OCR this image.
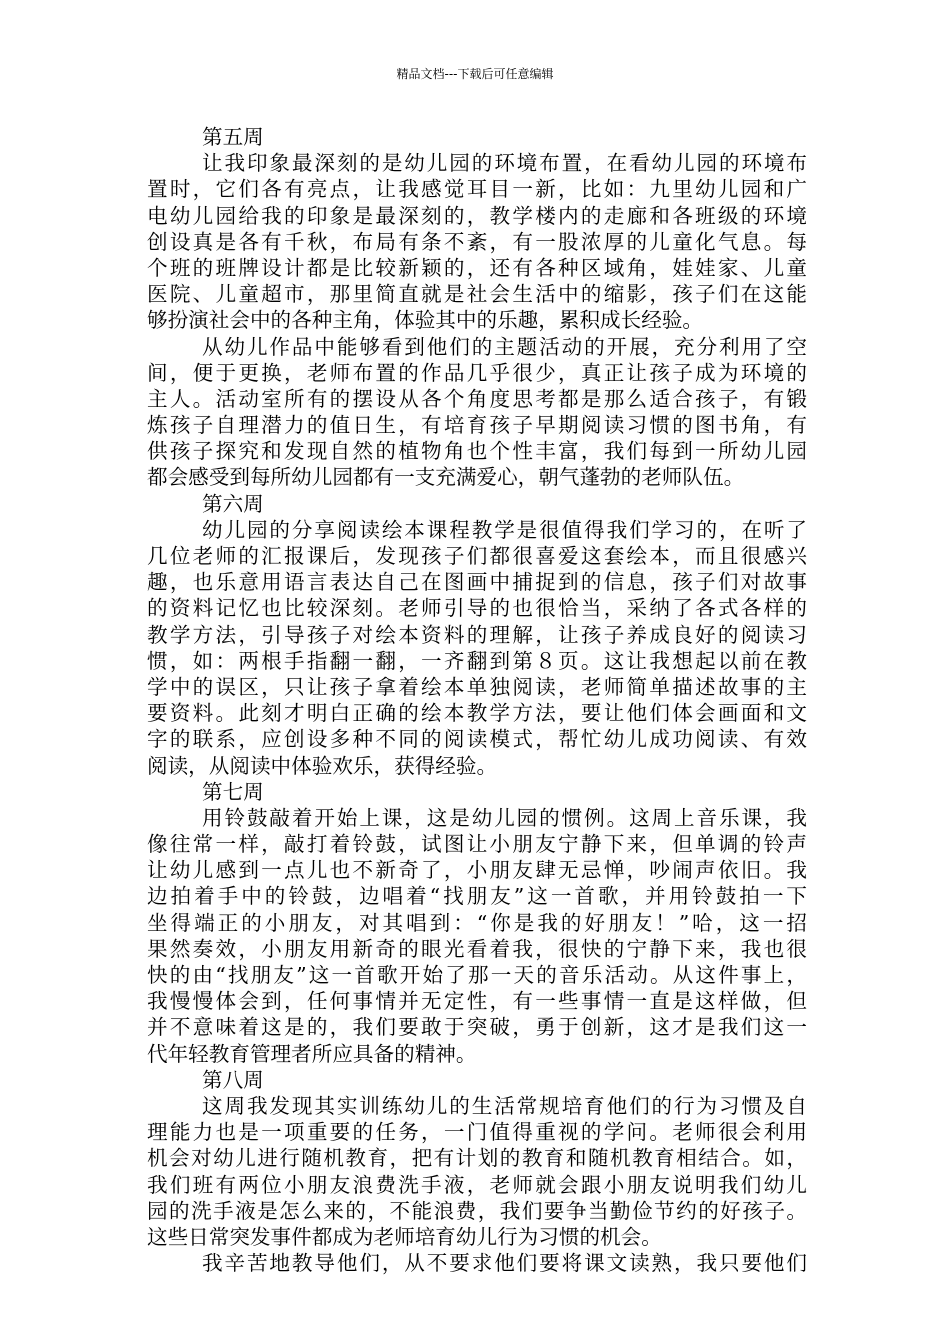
精品文档---下载后可任意编辑
第五周
让我印象最深刻的是幼儿园的环境布置，在看幼儿园的环境布
置时，它们各有亮点，让我感觉耳目一新，比如：九里幼儿园和广
电幼儿园给我的印象是最深刻的，教学楼内的走廊和各班级的环境
创设真是各有千秋，布局有条不紊，有一股浓厚的儿童化气息。每
个班的班牌设计都是比较新颖的，还有各种区域角，娃娃家、儿童
医院、儿童超市，那里简直就是社会生活中的缩影，孩子们在这能
够扮演社会中的各种主角，体验其中的乐趣，累积成长经验。
从幼儿作品中能够看到他们的主题活动的开展，充分利用了空
间，便于更换，老师布置的作品几乎很少，真正让孩子成为环境的
主人。活动室所有的摆设从各个角度思考都是那么适合孩子，有锻
炼孩子自理潜力的值日生，有培育孩子早期阅读习惯的图书角，有
供孩子探究和发现自然的植物角也个性丰富，我们每到一所幼儿园
都会感受到每所幼儿园都有一支充满爱心，朝气蓬勃的老师队伍。
第六周
幼儿园的分享阅读绘本课程教学是很值得我们学习的，在听了
几位老师的汇报课后，发现孩子们都很喜爱这套绘本，而且很感兴
趣，也乐意用语言表达自己在图画中捕捉到的信息，孩子们对故事
的资料记忆也比较深刻。老师引导的也很恰当，采纳了各式各样的
教学方法，引导孩子对绘本资料的理解，让孩子养成良好的阅读习
惯，如：两根手指翻一翻，一齐翻到第８页。这让我想起以前在教
学中的误区，只让孩子拿着绘本单独阅读，老师简单描述故事的主
要资料。此刻才明白正确的绘本教学方法，要让他们体会画面和文
字的联系，应创设多种不同的阅读模式，帮忙幼儿成功阅读、有效
阅读，从阅读中体验欢乐，获得经验。
第七周
用铃鼓敲着开始上课，这是幼儿园的惯例。这周上音乐课，我
像往常一样，敲打着铃鼓，试图让小朋友宁静下来，但单调的铃声
让幼儿感到一点儿也不新奇了，小朋友肆无忌惮，吵闹声依旧。我
边拍着手中的铃鼓，边唱着“找朋友”这一首歌，并用铃鼓拍一下
坐得端正的小朋友，对其唱到：“你是我的好朋友！”哈，这一招
果然奏效，小朋友用新奇的眼光看着我，很快的宁静下来，我也很
快的由“找朋友”这一首歌开始了那一天的音乐活动。从这件事上，
我慢慢体会到，任何事情并无定性，有一些事情一直是这样做，但
并不意味着这是的，我们要敢于突破，勇于创新，这才是我们这一
代年轻教育管理者所应具备的精神。
第八周
这周我发现其实训练幼儿的生活常规培育他们的行为习惯及自
理能力也是一项重要的任务，一门值得重视的学问。老师很会利用
机会对幼儿进行随机教育，把有计划的教育和随机教育相结合。如，
我们班有两位小朋友浪费洗手液，老师就会跟小朋友说明我们幼儿
园的洗手液是怎么来的，不能浪费，我们要争当勤俭节约的好孩子。
这些日常突发事件都成为老师培育幼儿行为习惯的机会。
我辛苦地教导他们，从不要求他们要将课文读熟，我只要他们
